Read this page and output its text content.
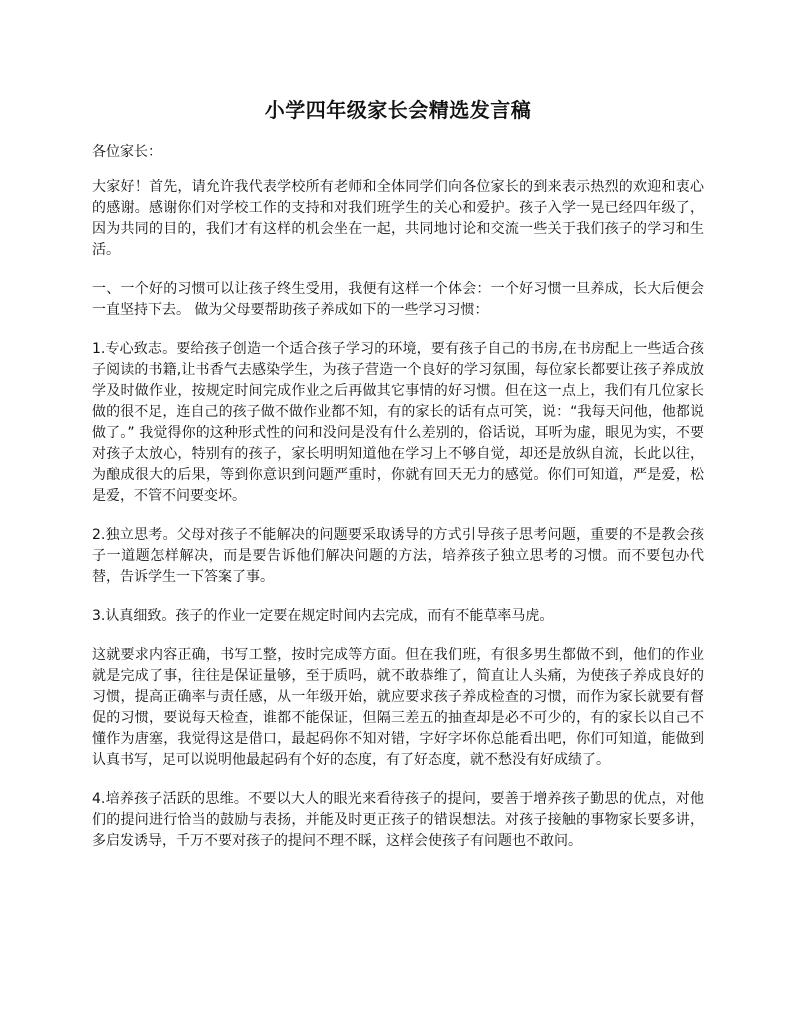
小学四年级家长会精选发言稿

各位家长：

大家好！首先，请允许我代表学校所有老师和全体同学们向各位家长的到来表示热烈的欢迎和衷心的感谢。感谢你们对学校工作的支持和对我们班学生的关心和爱护。孩子入学一晃已经四年级了，因为共同的目的，我们才有这样的机会坐在一起，共同地讨论和交流一些关于我们孩子的学习和生活。

一、一个好的习惯可以让孩子终生受用，我便有这样一个体会：一个好习惯一旦养成，长大后便会一直坚持下去。 做为父母要帮助孩子养成如下的一些学习习惯：

1.专心致志。要给孩子创造一个适合孩子学习的环境，要有孩子自己的书房,在书房配上一些适合孩子阅读的书籍,让书香气去感染学生，为孩子营造一个良好的学习氛围，每位家长都要让孩子养成放学及时做作业，按规定时间完成作业之后再做其它事情的好习惯。但在这一点上，我们有几位家长做的很不足，连自己的孩子做不做作业都不知，有的家长的话有点可笑，说：“我每天问他，他都说做了。” 我觉得你的这种形式性的问和没问是没有什么差别的，俗话说，耳听为虚，眼见为实，不要对孩子太放心，特别有的孩子，家长明明知道他在学习上不够自觉，却还是放纵自流，长此以往，为酿成很大的后果，等到你意识到问题严重时，你就有回天无力的感觉。你们可知道，严是爱，松是爱，不管不问要变坏。

2.独立思考。父母对孩子不能解决的问题要采取诱导的方式引导孩子思考问题，重要的不是教会孩子一道题怎样解决，而是要告诉他们解决问题的方法，培养孩子独立思考的习惯。而不要包办代替，告诉学生一下答案了事。

3.认真细致。孩子的作业一定要在规定时间内去完成，而有不能草率马虎。

这就要求内容正确，书写工整，按时完成等方面。但在我们班，有很多男生都做不到，他们的作业就是完成了事，往往是保证量够，至于质吗，就不敢恭维了，简直让人头痛，为使孩子养成良好的习惯，提高正确率与责任感，从一年级开始，就应要求孩子养成检查的习惯，而作为家长就要有督促的习惯，要说每天检查，谁都不能保证，但隔三差五的抽查却是必不可少的，有的家长以自己不懂作为唐塞，我觉得这是借口，最起码你不知对错，字好字坏你总能看出吧，你们可知道，能做到认真书写，足可以说明他最起码有个好的态度，有了好态度，就不愁没有好成绩了。

4.培养孩子活跃的思维。不要以大人的眼光来看待孩子的提问，要善于增养孩子勤思的优点，对他们的提问进行恰当的鼓励与表扬，并能及时更正孩子的错误想法。对孩子接触的事物家长要多讲，多启发诱导，千万不要对孩子的提问不理不睬，这样会使孩子有问题也不敢问。
